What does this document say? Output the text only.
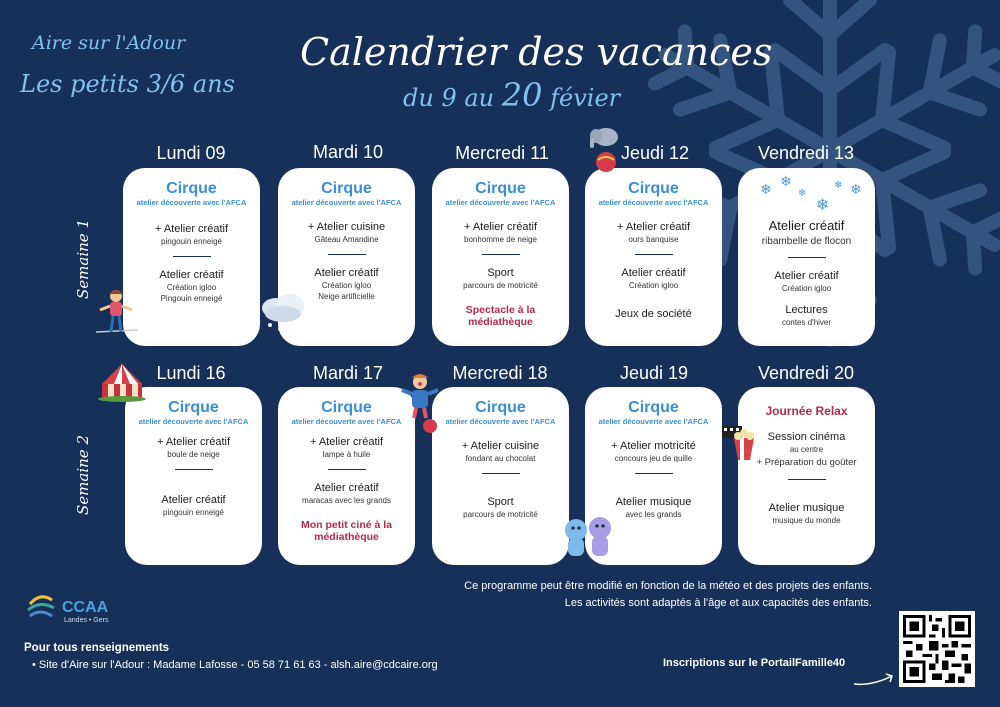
Aire sur l'Adour
Les petits 3/6 ans
Calendrier des vacances
du 9 au 20 févier
Semaine 1
Semaine 2
Lundi 09
Cirque
atelier découverte avec l'AFCA
+ Atelier créatif
pingouin enneigé
Atelier créatif
Création igloo
Pingouin enneigé
Mardi 10
Cirque
atelier découverte avec l'AFCA
+ Atelier cuisine
Gâteau Amandine
Atelier créatif
Création igloo
Neige artificielle
Mercredi 11
Cirque
atelier découverte avec l'AFCA
+ Atelier créatif
bonhomme de neige
Sport
parcours de motricité
Spectacle à la médiathèque
Jeudi 12
Cirque
atelier découverte avec l'AFCA
+ Atelier créatif
ours banquise
Atelier créatif
Création igloo
Jeux de société
Vendredi 13
❄ ❄
❄
❄
❄ ❄
Atelier créatif
ribambelle de flocon
Atelier créatif
Création igloo
Lectures
contes d'hiver
Lundi 16
Cirque
atelier découverte avec l'AFCA
+ Atelier créatif
boule de neige
Atelier créatif
pingouin enneigé
Mardi 17
Cirque
atelier découverte avec l'AFCA
+ Atelier créatif
lampe à huile
Atelier créatif
maracas avec les grands
Mon petit ciné à la médiathèque
Mercredi 18
Cirque
atelier découverte avec l'AFCA
+ Atelier cuisine
fondant au chocolat
Sport
parcours de motricité
Jeudi 19
Cirque
atelier découverte avec l'AFCA
+ Atelier motricité
concours jeu de quille
Atelier musique
avec les grands
Vendredi 20
Journée Relax
Session cinéma
au centre
+ Préparation du goûter
Atelier musique
musique du monde
Ce programme peut être modifié en fonction de la météo et des projets des enfants.
Les activités sont adaptés à l'âge et aux capacités des enfants.
CCAA
Landes • Gers
Pour tous renseignements
• Site d'Aire sur l'Adour : Madame Lafosse - 05 58 71 61 63 - alsh.aire@cdcaire.org	Inscriptions sur le PortailFamille40
